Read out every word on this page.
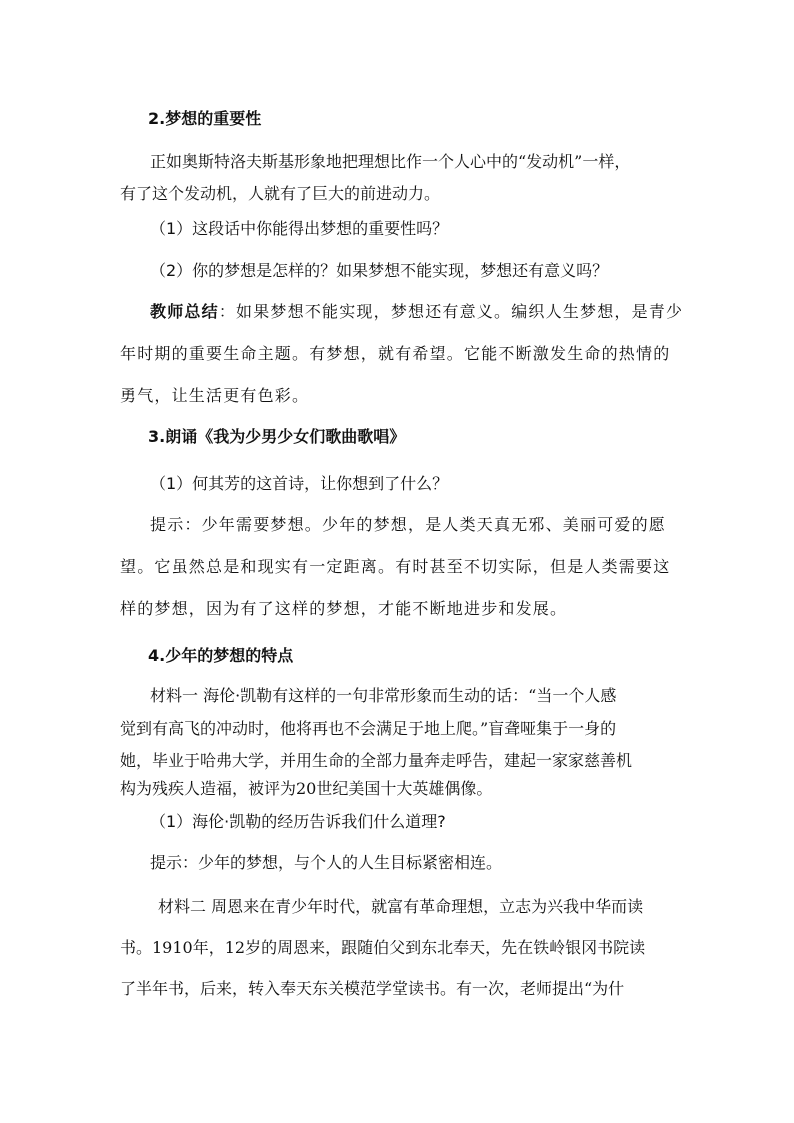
2.梦想的重要性
正如奥斯特洛夫斯基形象地把理想比作一个人心中的“发动机”一样，
有了这个发动机，人就有了巨大的前进动力。
（1）这段话中你能得出梦想的重要性吗？
（2）你的梦想是怎样的？如果梦想不能实现，梦想还有意义吗？
教师总结：如果梦想不能实现，梦想还有意义。编织人生梦想，是青少
年时期的重要生命主题。有梦想，就有希望。它能不断激发生命的热情的
勇气，让生活更有色彩。
3.朗诵《我为少男少女们歌曲歌唱》
（1）何其芳的这首诗，让你想到了什么？
提示：少年需要梦想。少年的梦想，是人类天真无邪、美丽可爱的愿
望。它虽然总是和现实有一定距离。有时甚至不切实际，但是人类需要这
样的梦想，因为有了这样的梦想，才能不断地进步和发展。
4.少年的梦想的特点
材料一 海伦·凯勒有这样的一句非常形象而生动的话：“当一个人感
觉到有高飞的冲动时，他将再也不会满足于地上爬。”盲聋哑集于一身的
她，毕业于哈弗大学，并用生命的全部力量奔走呼告，建起一家家慈善机
构为残疾人造福，被评为20世纪美国十大英雄偶像。
（1）海伦·凯勒的经历告诉我们什么道理?
提示：少年的梦想，与个人的人生目标紧密相连。
材料二 周恩来在青少年时代，就富有革命理想，立志为兴我中华而读
书。1910年，12岁的周恩来，跟随伯父到东北奉天，先在铁岭银冈书院读
了半年书，后来，转入奉天东关模范学堂读书。有一次，老师提出“为什
